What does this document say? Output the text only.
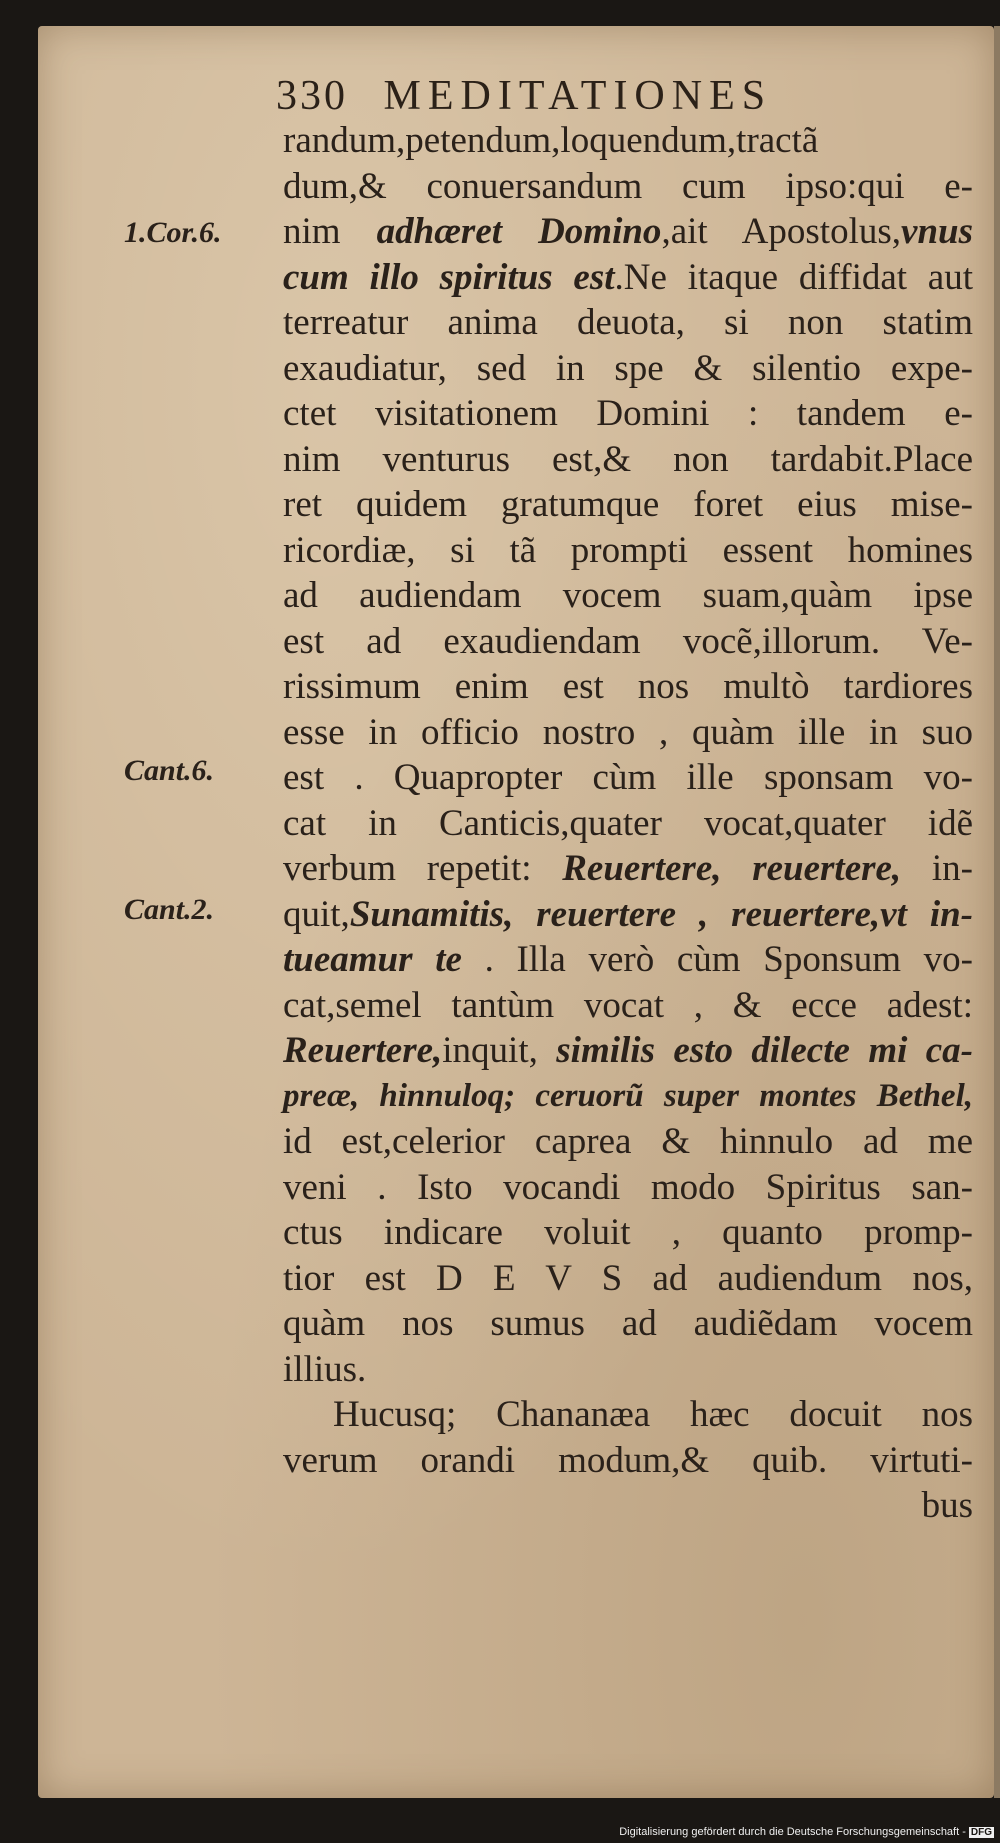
330 MEDITATIONES
1.Cor.6.
Cant.6.
Cant.2.
randum,petendum,loquendum,tractã
dum,& conuersandum cum ipso:qui e-
nim adhæret Domino,ait Apostolus,vnus
cum illo spiritus est.Ne itaque diffidat aut
terreatur anima deuota, si non statim
exaudiatur, sed in spe & silentio expe-
ctet visitationem Domini : tandem e-
nim venturus est,& non tardabit.Place
ret quidem gratumque foret eius mise-
ricordiæ, si tã prompti essent homines
ad audiendam vocem suam,quàm ipse
est ad exaudiendam vocẽ,illorum. Ve-
rissimum enim est nos multò tardiores
esse in officio nostro , quàm ille in suo
est . Quapropter cùm ille sponsam vo-
cat in Canticis,quater vocat,quater idẽ
verbum repetit: Reuertere, reuertere, in-
quit,Sunamitis, reuertere , reuertere,vt in-
tueamur te . Illa verò cùm Sponsum vo-
cat,semel tantùm vocat , & ecce adest:
Reuertere,inquit, similis esto dilecte mi ca-
preæ, hinnuloq; ceruorũ super montes Bethel,
id est,celerior caprea & hinnulo ad me
veni . Isto vocandi modo Spiritus san-
ctus indicare voluit , quanto promp-
tior est D E V S ad audiendum nos,
quàm nos sumus ad audiẽdam vocem
illius.
Hucusq; Chananæa hæc docuit nos
verum orandi modum,& quib. virtuti-
bus
Digitalisierung gefördert durch die Deutsche Forschungsgemeinschaft - DFG
